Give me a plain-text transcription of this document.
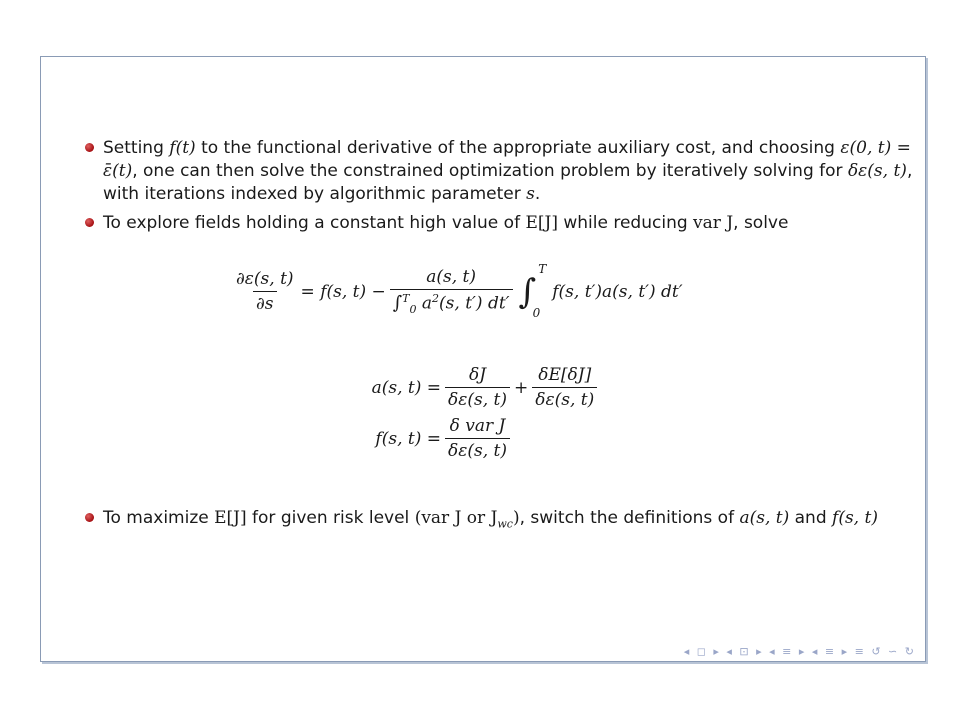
Setting f(t) to the functional derivative of the appropriate auxiliary cost, and choosing ε(0, t) = ε̄(t), one can then solve the constrained optimization problem by iteratively solving for δε(s, t), with iterations indexed by algorithmic parameter s.
To explore fields holding a constant high value of E[J] while reducing var J, solve
$\frac{\partial\varepsilon(s, t)}{\partial s} = f(s$, $t) - \frac{a(s, t)}{\int^T_0 a^2(s, t') dt'}$ ∫
T
0
f(s, t′)a(s, t′) dt′
a(s, $t) = \frac{\delta J}{\delta\varepsilon(s, t)} + \frac{\delta E[\delta J]}{\delta\varepsilon(s, t)}$
f(s, $t) = \frac{\text{δ var J}}{\delta\varepsilon(s, t)}$
To maximize E[J] for given risk level (var J or $J_{wc}$), switch the definitions of a(s, t) and f(s, t)
◂ ◻ ▸ ◂ ⊡ ▸ ◂ ≡ ▸ ◂ ≡ ▸ ≡ ↺ ∽ ↻
